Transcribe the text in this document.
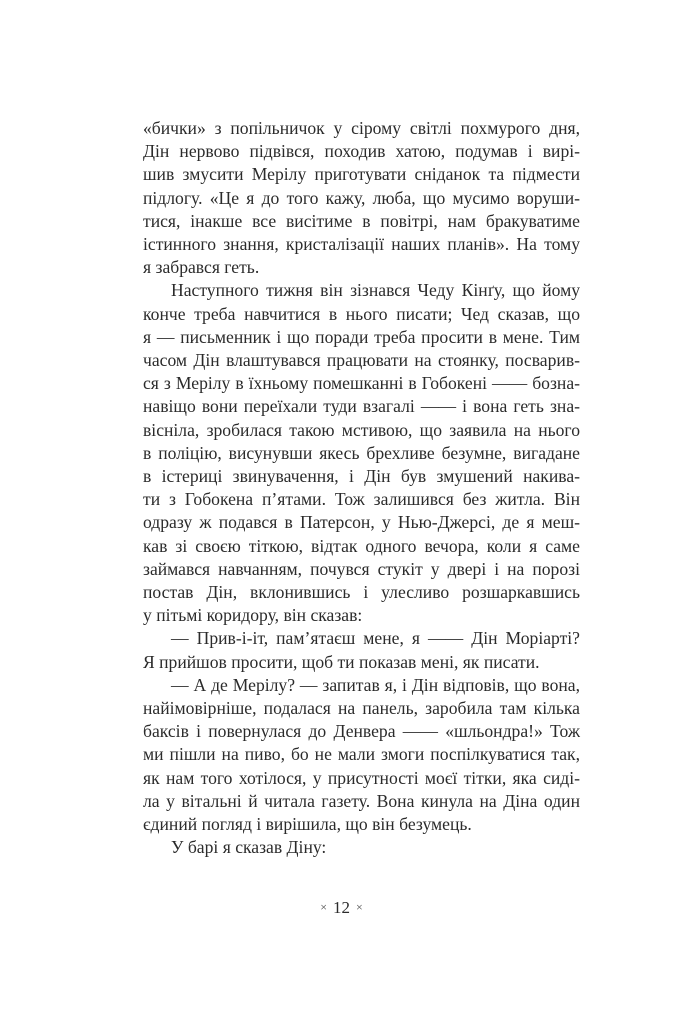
«бички» з попільничок у сірому світлі похмурого дня,
Дін нервово підвівся, походив хатою, подумав і вирі-
шив змусити Мерілу приготувати сніданок та підмести
підлогу. «Це я до того кажу, люба, що мусимо воруши-
тися, інакше все висітиме в повітрі, нам бракуватиме
істинного знання, кристалізації наших планів». На тому
я забрався геть.
Наступного тижня він зізнався Чеду Кінґу, що йому
конче треба навчитися в нього писати; Чед сказав, що
я — письменник і що поради треба просити в мене. Тим
часом Дін влаштувався працювати на стоянку, посварив-
ся з Мерілу в їхньому помешканні в Гобокені —— бозна-
навіщо вони переїхали туди взагалі —— і вона геть зна-
вісніла, зробилася такою мстивою, що заявила на нього
в поліцію, висунувши якесь брехливе безумне, вигадане
в істериці звинувачення, і Дін був змушений накива-
ти з Гобокена п’ятами. Тож залишився без житла. Він
одразу ж подався в Патерсон, у Нью-Джерсі, де я меш-
кав зі своєю тіткою, відтак одного вечора, коли я саме
займався навчанням, почувся стукіт у двері і на порозі
постав Дін, вклонившись і улесливо розшаркавшись
у пітьмі коридору, він сказав:
— Прив-і-іт, пам’ятаєш мене, я —— Дін Моріарті?
Я прийшов просити, щоб ти показав мені, як писати.
— А де Мерілу? — запитав я, і Дін відповів, що вона,
найімовірніше, подалася на панель, заробила там кілька
баксів і повернулася до Денвера —— «шльондра!» Тож
ми пішли на пиво, бо не мали змоги поспілкуватися так,
як нам того хотілося, у присутності моєї тітки, яка сиді-
ла у вітальні й читала газету. Вона кинула на Діна один
єдиний погляд і вирішила, що він безумець.
У барі я сказав Діну:
× 12 ×
